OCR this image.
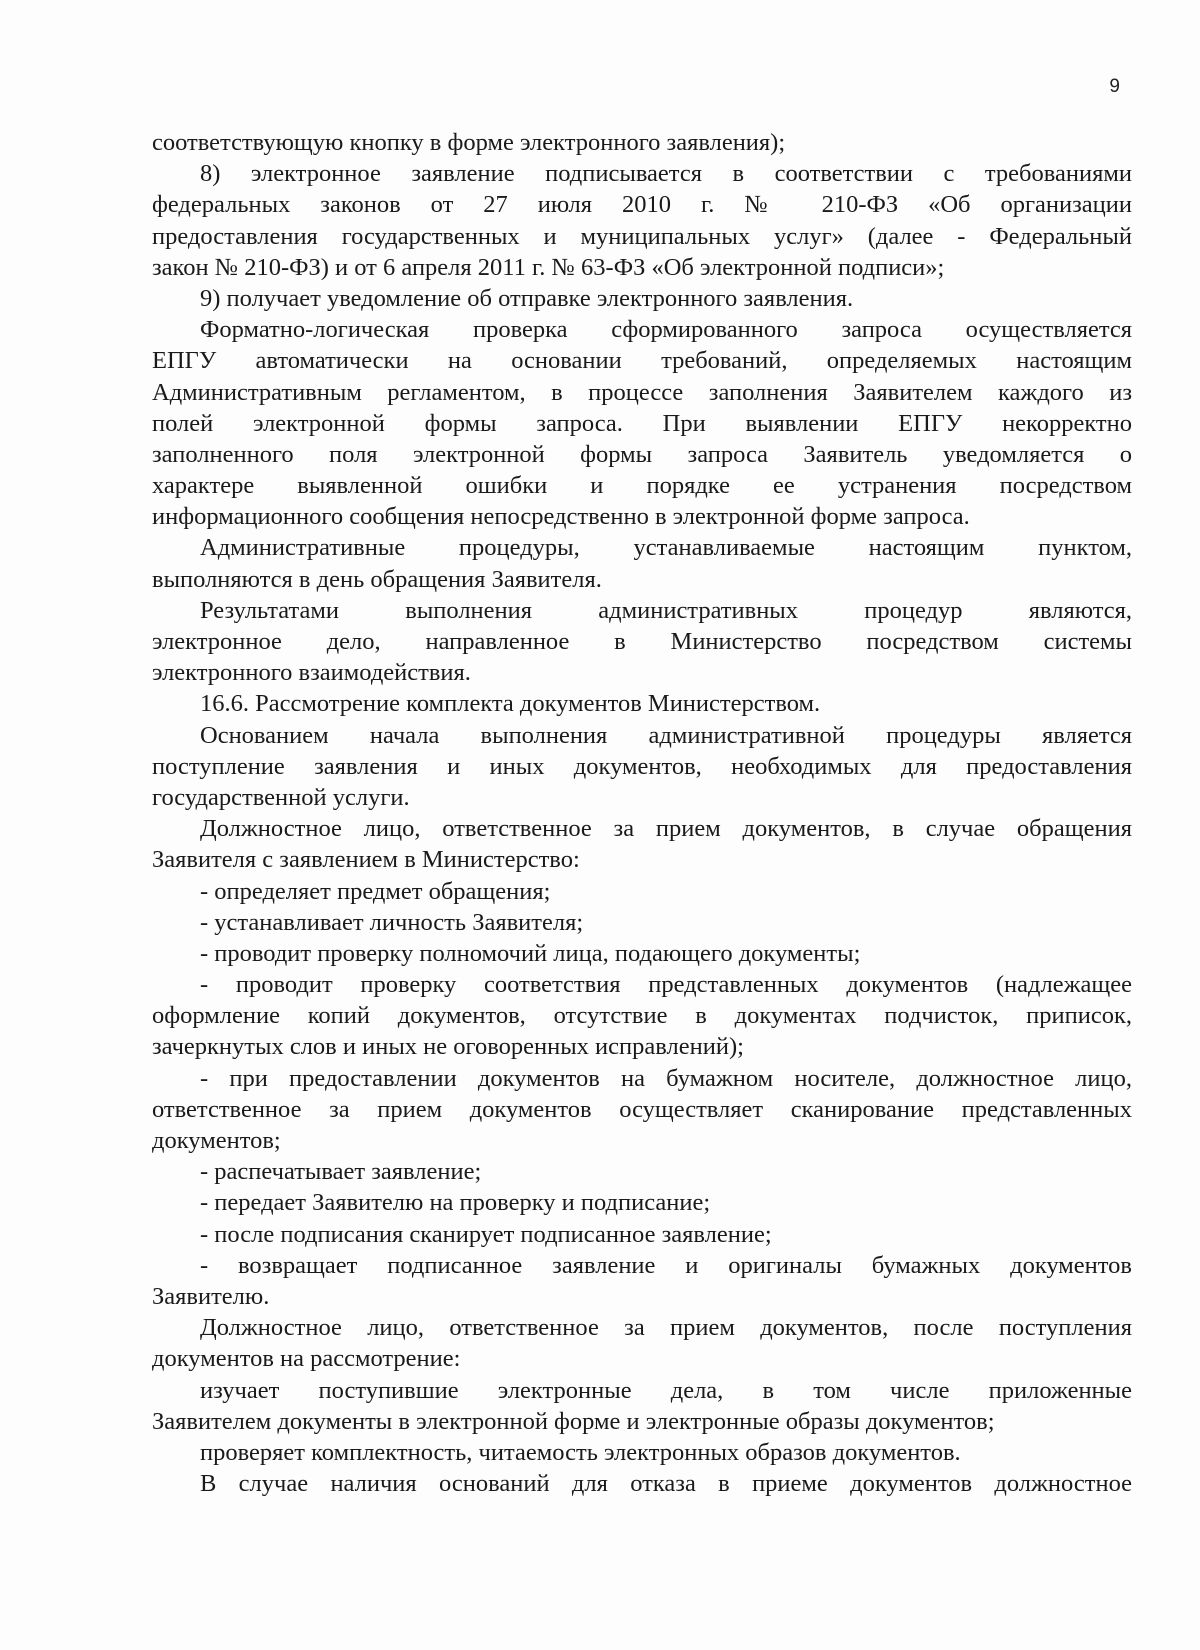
9
соответствующую кнопку в форме электронного заявления);
8) электронное заявление подписывается в соответствии с требованиями
федеральных законов от 27 июля 2010 г. № 210-ФЗ «Об организации
предоставления государственных и муниципальных услуг» (далее - Федеральный
закон № 210-ФЗ) и от 6 апреля 2011 г. № 63-ФЗ «Об электронной подписи»;
9) получает уведомление об отправке электронного заявления.
Форматно-логическая проверка сформированного запроса осуществляется
ЕПГУ автоматически на основании требований, определяемых настоящим
Административным регламентом, в процессе заполнения Заявителем каждого из
полей электронной формы запроса. При выявлении ЕПГУ некорректно
заполненного поля электронной формы запроса Заявитель уведомляется о
характере выявленной ошибки и порядке ее устранения посредством
информационного сообщения непосредственно в электронной форме запроса.
Административные процедуры, устанавливаемые настоящим пунктом,
выполняются в день обращения Заявителя.
Результатами выполнения административных процедур являются,
электронное дело, направленное в Министерство посредством системы
электронного взаимодействия.
16.6. Рассмотрение комплекта документов Министерством.
Основанием начала выполнения административной процедуры является
поступление заявления и иных документов, необходимых для предоставления
государственной услуги.
Должностное лицо, ответственное за прием документов, в случае обращения
Заявителя с заявлением в Министерство:
- определяет предмет обращения;
- устанавливает личность Заявителя;
- проводит проверку полномочий лица, подающего документы;
- проводит проверку соответствия представленных документов (надлежащее
оформление копий документов, отсутствие в документах подчисток, приписок,
зачеркнутых слов и иных не оговоренных исправлений);
- при предоставлении документов на бумажном носителе, должностное лицо,
ответственное за прием документов осуществляет сканирование представленных
документов;
- распечатывает заявление;
- передает Заявителю на проверку и подписание;
- после подписания сканирует подписанное заявление;
- возвращает подписанное заявление и оригиналы бумажных документов
Заявителю.
Должностное лицо, ответственное за прием документов, после поступления
документов на рассмотрение:
изучает поступившие электронные дела, в том числе приложенные
Заявителем документы в электронной форме и электронные образы документов;
проверяет комплектность, читаемость электронных образов документов.
В случае наличия оснований для отказа в приеме документов должностное
